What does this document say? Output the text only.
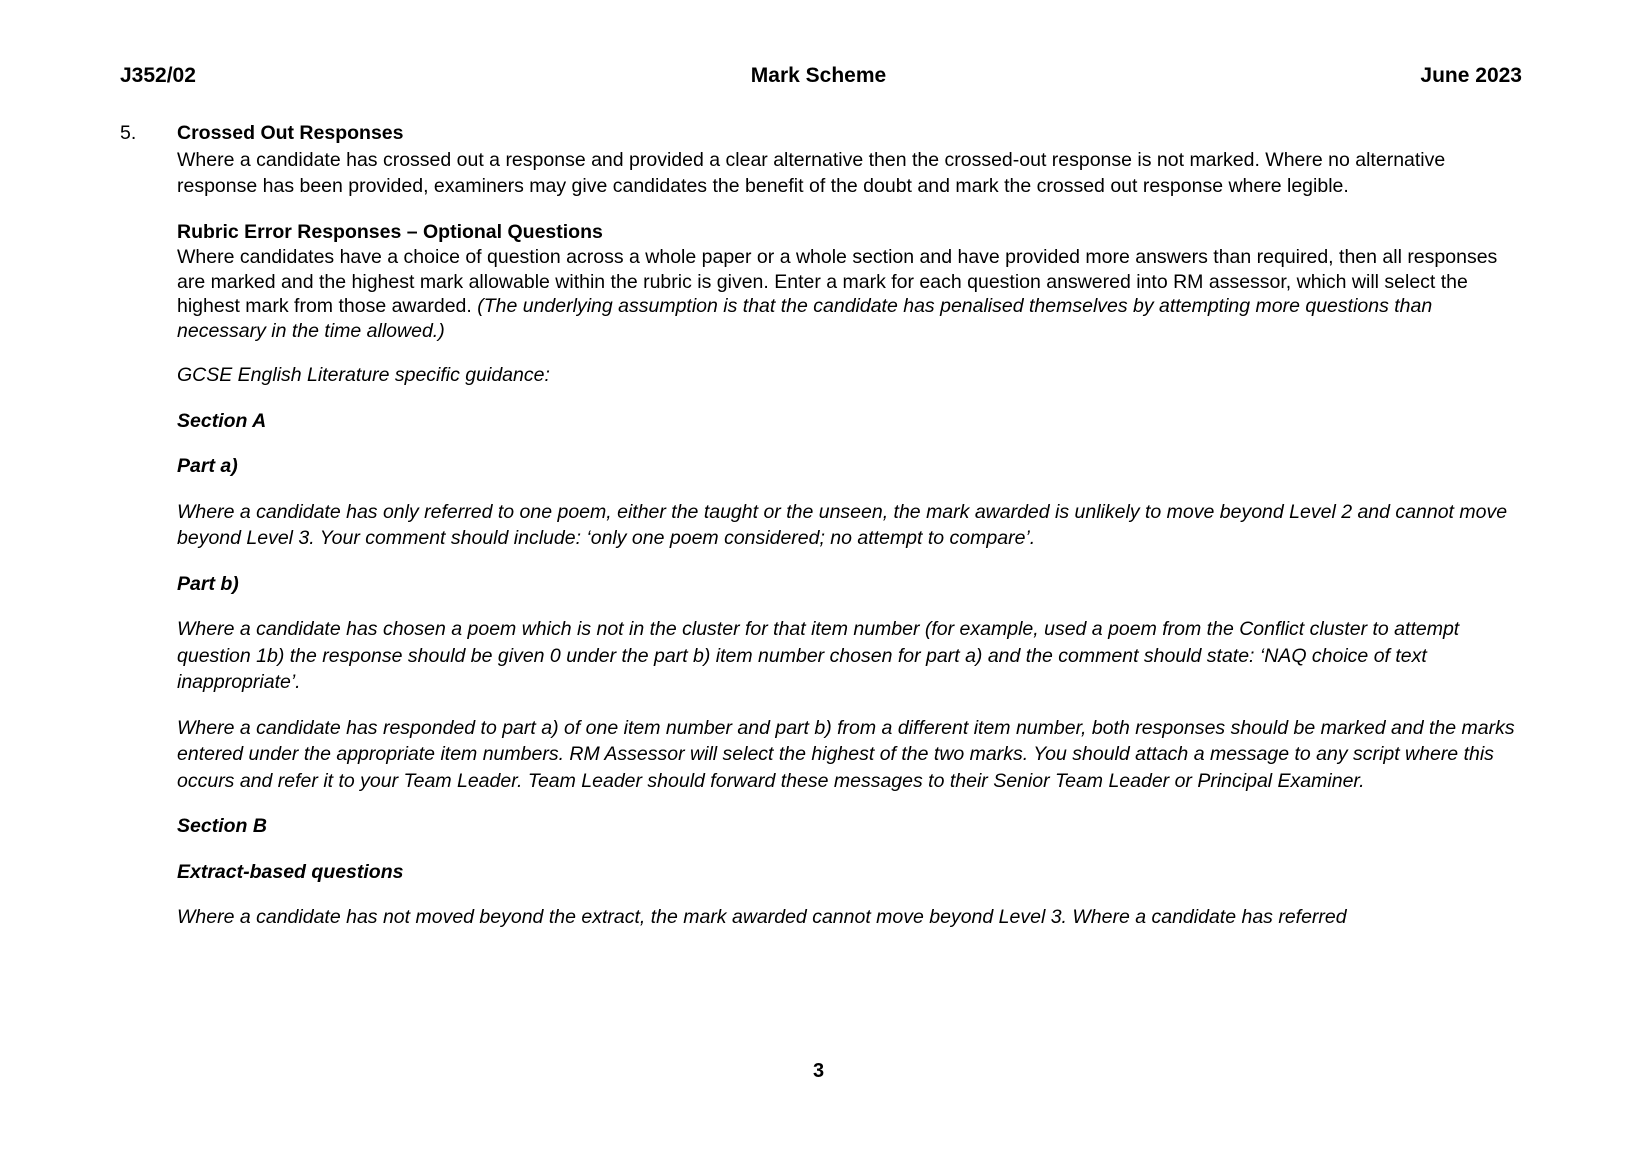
J352/02	Mark Scheme	June 2023
5. Crossed Out Responses

Where a candidate has crossed out a response and provided a clear alternative then the crossed-out response is not marked. Where no alternative response has been provided, examiners may give candidates the benefit of the doubt and mark the crossed out response where legible.

Rubric Error Responses – Optional Questions

Where candidates have a choice of question across a whole paper or a whole section and have provided more answers than required, then all responses are marked and the highest mark allowable within the rubric is given. Enter a mark for each question answered into RM assessor, which will select the highest mark from those awarded. (The underlying assumption is that the candidate has penalised themselves by attempting more questions than necessary in the time allowed.)

GCSE English Literature specific guidance:

Section A

Part a)

Where a candidate has only referred to one poem, either the taught or the unseen, the mark awarded is unlikely to move beyond Level 2 and cannot move beyond Level 3. Your comment should include: ‘only one poem considered; no attempt to compare’.

Part b)

Where a candidate has chosen a poem which is not in the cluster for that item number (for example, used a poem from the Conflict cluster to attempt question 1b) the response should be given 0 under the part b) item number chosen for part a) and the comment should state: ‘NAQ choice of text inappropriate’.

Where a candidate has responded to part a) of one item number and part b) from a different item number, both responses should be marked and the marks entered under the appropriate item numbers. RM Assessor will select the highest of the two marks. You should attach a message to any script where this occurs and refer it to your Team Leader. Team Leader should forward these messages to their Senior Team Leader or Principal Examiner.

Section B

Extract-based questions

Where a candidate has not moved beyond the extract, the mark awarded cannot move beyond Level 3. Where a candidate has referred

3
